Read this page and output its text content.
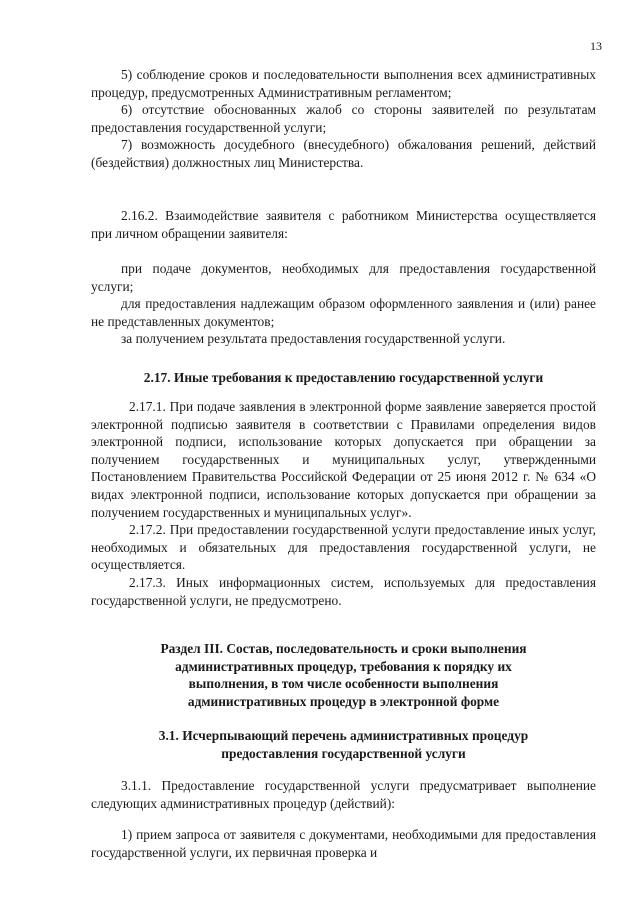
13

5) соблюдение сроков и последовательности выполнения всех административных процедур, предусмотренных Административным регламентом;

6) отсутствие обоснованных жалоб со стороны заявителей по результатам предоставления государственной услуги;

7) возможность досудебного (внесудебного) обжалования решений, действий (бездействия) должностных лиц Министерства.

2.16.2. Взаимодействие заявителя с работником Министерства осуществляется при личном обращении заявителя:

при подаче документов, необходимых для предоставления государственной услуги;

для предоставления надлежащим образом оформленного заявления и (или) ранее не представленных документов;

за получением результата предоставления государственной услуги.

2.17. Иные требования к предоставлению государственной услуги

2.17.1. При подаче заявления в электронной форме заявление заверяется простой электронной подписью заявителя в соответствии с Правилами определения видов электронной подписи, использование которых допускается при обращении за получением государственных и муниципальных услуг, утвержденными Постановлением Правительства Российской Федерации от 25 июня 2012 г. № 634 «О видах электронной подписи, использование которых допускается при обращении за получением государственных и муниципальных услуг».

2.17.2. При предоставлении государственной услуги предоставление иных услуг, необходимых и обязательных для предоставления государственной услуги, не осуществляется.

2.17.3. Иных информационных систем, используемых для предоставления государственной услуги, не предусмотрено.

Раздел III. Состав, последовательность и сроки выполнения

административных процедур, требования к порядку их

выполнения, в том числе особенности выполнения

административных процедур в электронной форме

3.1. Исчерпывающий перечень административных процедур

предоставления государственной услуги

3.1.1. Предоставление государственной услуги предусматривает выполнение следующих административных процедур (действий):

1) прием запроса от заявителя с документами, необходимыми для предоставления государственной услуги, их первичная проверка и
